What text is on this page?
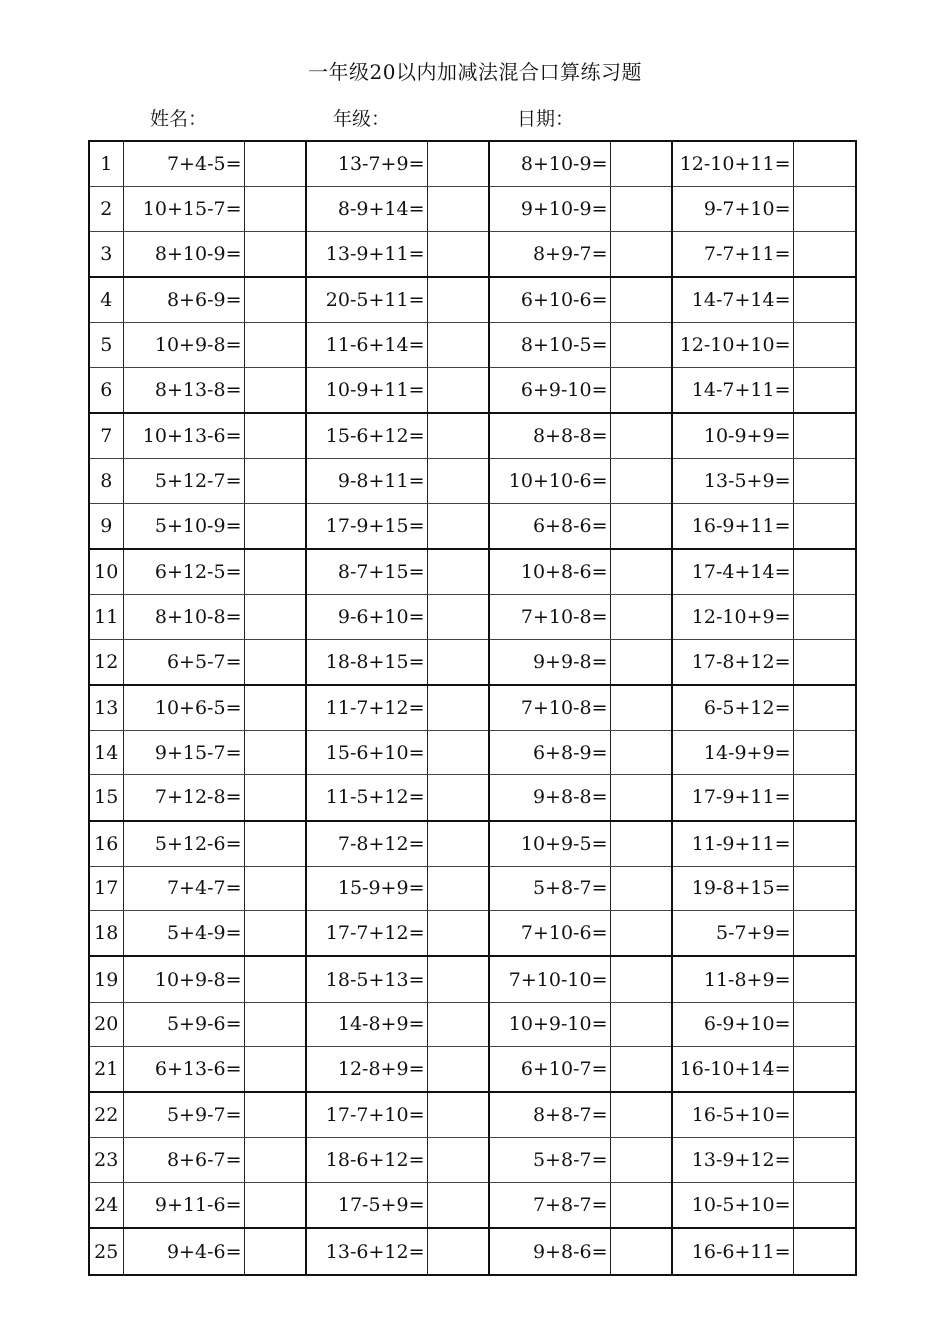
一年级20以内加减法混合口算练习题
姓名：	年级：	日期：
1	7+4-5=		13-7+9=		8+10-9=		12-10+11=	
2	10+15-7=		8-9+14=		9+10-9=		9-7+10=	
3	8+10-9=		13-9+11=		8+9-7=		7-7+11=	
4	8+6-9=		20-5+11=		6+10-6=		14-7+14=	
5	10+9-8=		11-6+14=		8+10-5=		12-10+10=	
6	8+13-8=		10-9+11=		6+9-10=		14-7+11=	
7	10+13-6=		15-6+12=		8+8-8=		10-9+9=	
8	5+12-7=		9-8+11=		10+10-6=		13-5+9=	
9	5+10-9=		17-9+15=		6+8-6=		16-9+11=	
10	6+12-5=		8-7+15=		10+8-6=		17-4+14=	
11	8+10-8=		9-6+10=		7+10-8=		12-10+9=	
12	6+5-7=		18-8+15=		9+9-8=		17-8+12=	
13	10+6-5=		11-7+12=		7+10-8=		6-5+12=	
14	9+15-7=		15-6+10=		6+8-9=		14-9+9=	
15	7+12-8=		11-5+12=		9+8-8=		17-9+11=	
16	5+12-6=		7-8+12=		10+9-5=		11-9+11=	
17	7+4-7=		15-9+9=		5+8-7=		19-8+15=	
18	5+4-9=		17-7+12=		7+10-6=		5-7+9=	
19	10+9-8=		18-5+13=		7+10-10=		11-8+9=	
20	5+9-6=		14-8+9=		10+9-10=		6-9+10=	
21	6+13-6=		12-8+9=		6+10-7=		16-10+14=	
22	5+9-7=		17-7+10=		8+8-7=		16-5+10=	
23	8+6-7=		18-6+12=		5+8-7=		13-9+12=	
24	9+11-6=		17-5+9=		7+8-7=		10-5+10=	
25	9+4-6=		13-6+12=		9+8-6=		16-6+11=	
